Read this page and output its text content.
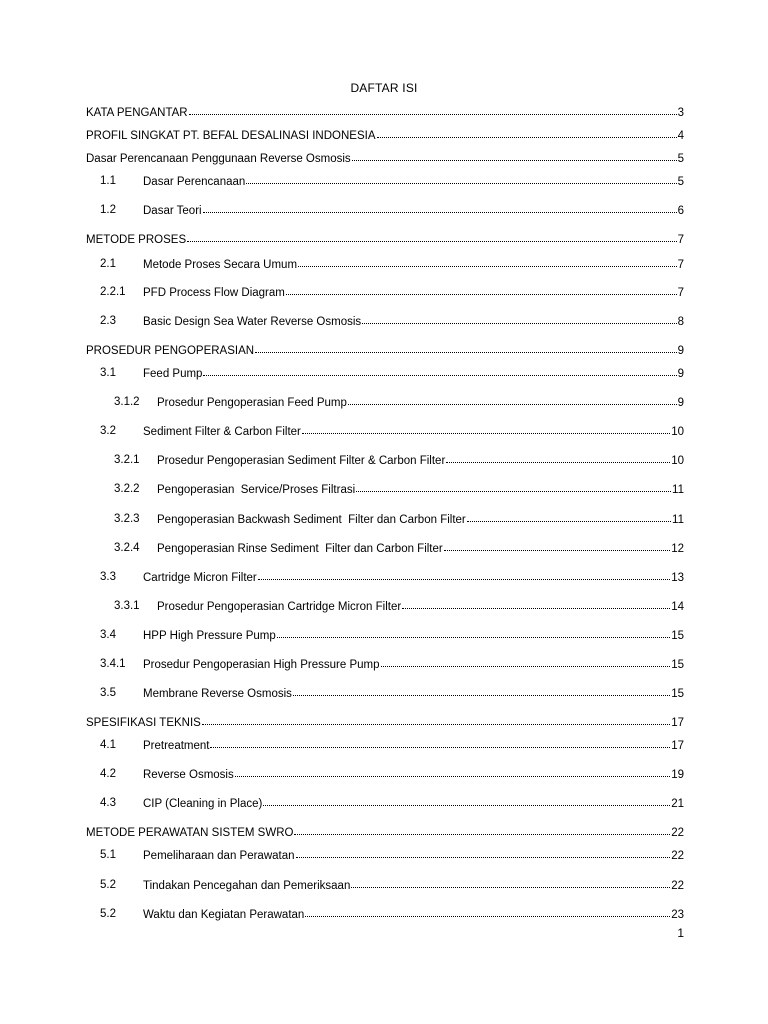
DAFTAR ISI
KATA PENGANTAR	3
PROFIL SINGKAT PT. BEFAL DESALINASI INDONESIA	4
Dasar Perencanaan Penggunaan Reverse Osmosis	5
1.1 Dasar Perencanaan	5
1.2 Dasar Teori	6
METODE PROSES	7
2.1 Metode Proses Secara Umum	7
2.2.1 PFD Process Flow Diagram	7
2.3 Basic Design Sea Water Reverse Osmosis	8
PROSEDUR PENGOPERASIAN	9
3.1 Feed Pump	9
3.1.2 Prosedur Pengoperasian Feed Pump	9
3.2 Sediment Filter & Carbon Filter	10
3.2.1 Prosedur Pengoperasian Sediment Filter & Carbon Filter	10
3.2.2 Pengoperasian  Service/Proses Filtrasi	11
3.2.3 Pengoperasian Backwash Sediment  Filter dan Carbon Filter	11
3.2.4 Pengoperasian Rinse Sediment  Filter dan Carbon Filter	12
3.3 Cartridge Micron Filter	13
3.3.1 Prosedur Pengoperasian Cartridge Micron Filter	14
3.4 HPP High Pressure Pump	15
3.4.1 Prosedur Pengoperasian High Pressure Pump	15
3.5 Membrane Reverse Osmosis	15
SPESIFIKASI TEKNIS	17
4.1 Pretreatment	17
4.2 Reverse Osmosis	19
4.3 CIP (Cleaning in Place)	21
METODE PERAWATAN SISTEM SWRO	22
5.1 Pemeliharaan dan Perawatan	22
5.2 Tindakan Pencegahan dan Pemeriksaan	22
5.2 Waktu dan Kegiatan Perawatan	23
1
